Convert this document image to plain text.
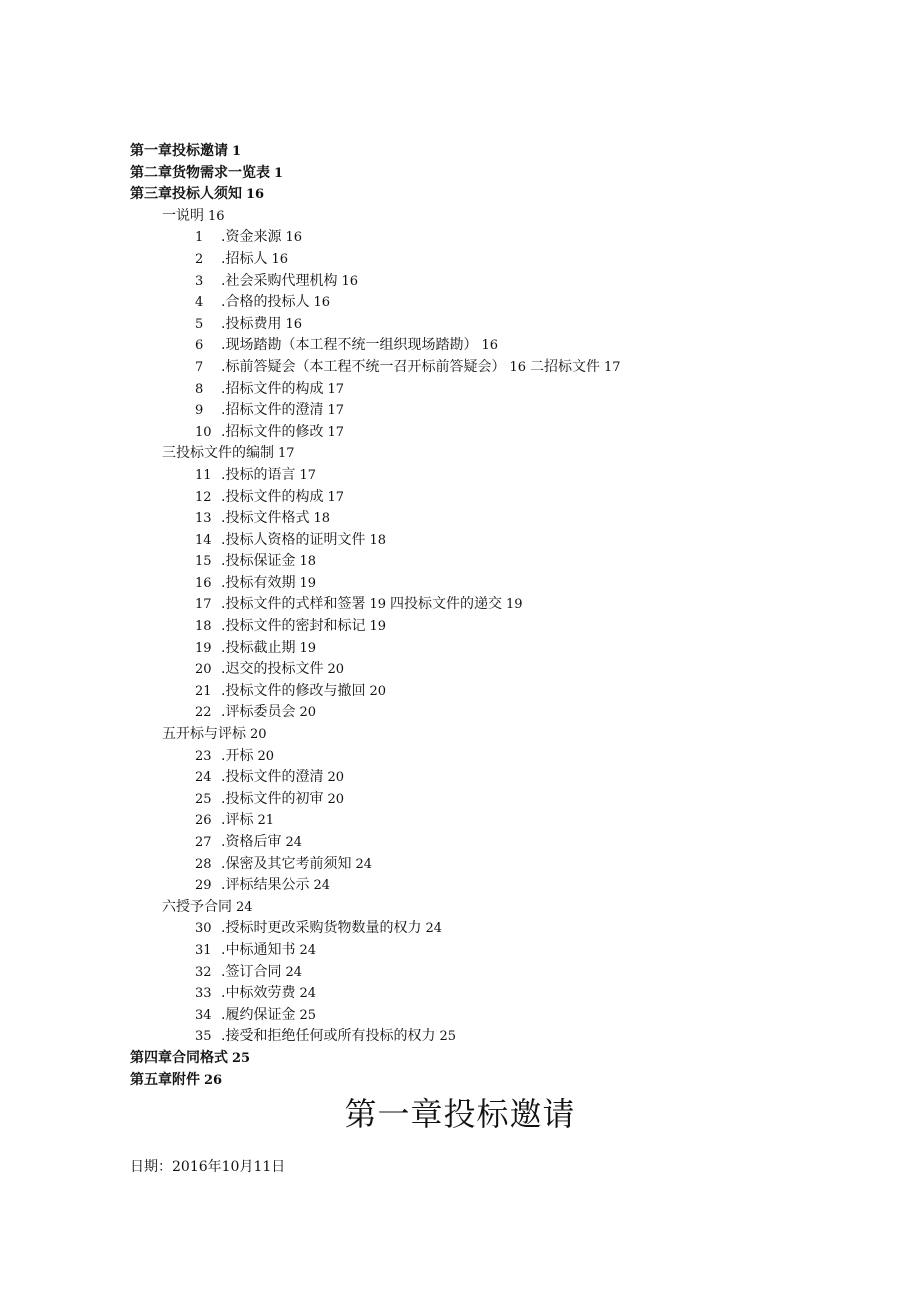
第一章投标邀请 1
第二章货物需求一览表 1
第三章投标人须知 16
一说明 16
1 .资金来源 16
2 .招标人 16
3 .社会采购代理机构 16
4 .合格的投标人 16
5 .投标费用 16
6 .现场踏勘（本工程不统一组织现场踏勘） 16
7 .标前答疑会（本工程不统一召开标前答疑会） 16 二招标文件 17
8 .招标文件的构成 17
9 .招标文件的澄清 17
10 .招标文件的修改 17
三投标文件的编制 17
11 .投标的语言 17
12 .投标文件的构成 17
13 .投标文件格式 18
14 .投标人资格的证明文件 18
15 .投标保证金 18
16 .投标有效期 19
17 .投标文件的式样和签署 19 四投标文件的递交 19
18 .投标文件的密封和标记 19
19 .投标截止期 19
20 .迟交的投标文件 20
21 .投标文件的修改与撤回 20
22 .评标委员会 20
五开标与评标 20
23 .开标 20
24 .投标文件的澄清 20
25 .投标文件的初审 20
26 .评标 21
27 .资格后审 24
28 .保密及其它考前须知 24
29 .评标结果公示 24
六授予合同 24
30 .授标时更改采购货物数量的权力 24
31 .中标通知书 24
32 .签订合同 24
33 .中标效劳费 24
34 .履约保证金 25
35 .接受和拒绝任何或所有投标的权力 25
第四章合同格式 25
第五章附件 26
第一章投标邀请
日期：2016年10月11日
